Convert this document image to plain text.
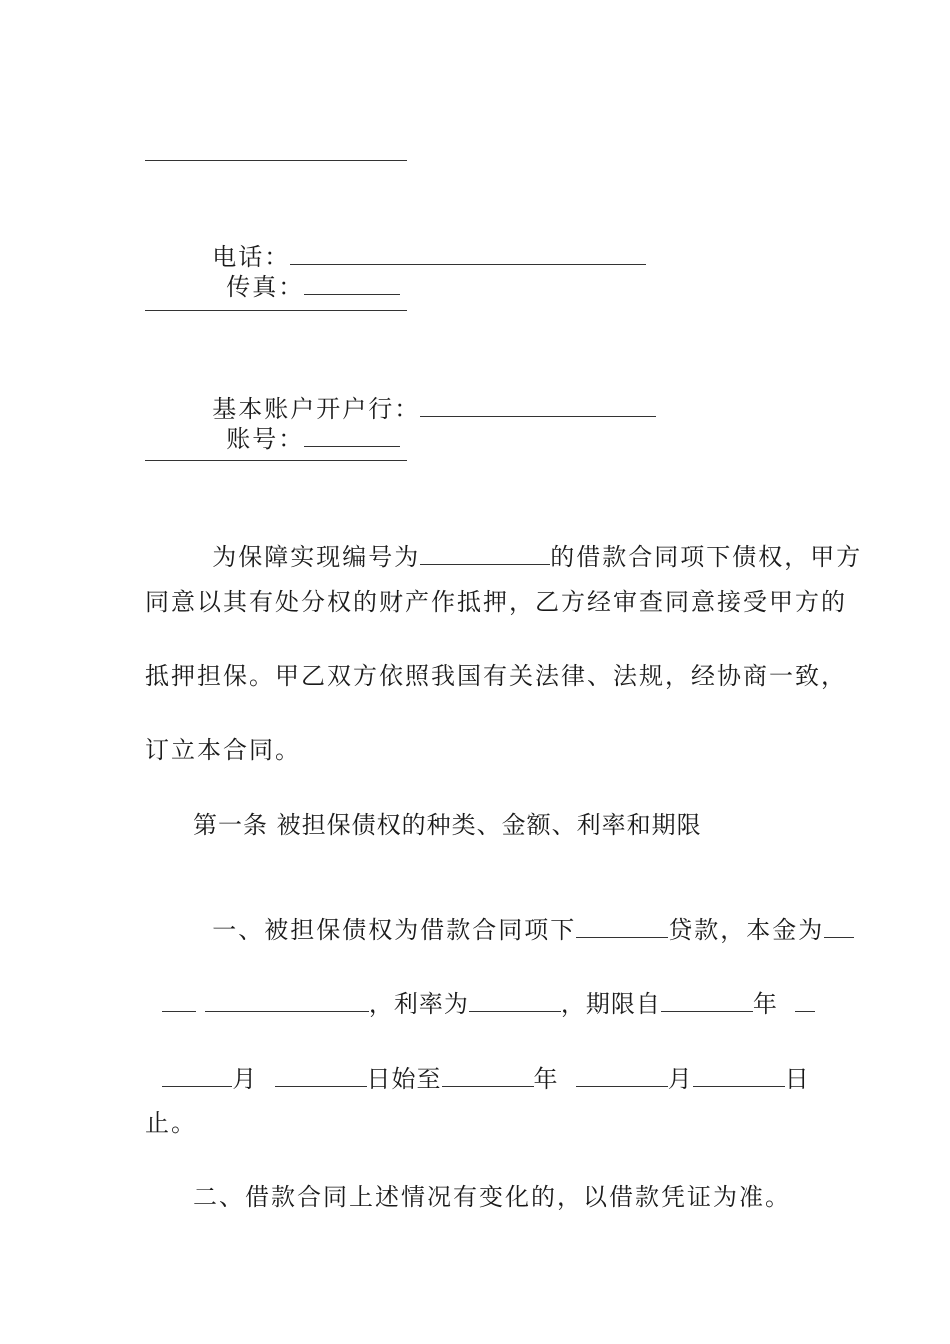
电话：
传真：

基本账户开户行：
账号：

为保障实现编号为	的借款合同项下债权，甲方

同意以其有处分权的财产作抵押，乙方经审查同意接受甲方的
抵押担保。甲乙双方依照我国有关法律、法规，经协商一致，
订立本合同。
第一条 被担保债权的种类、金额、利率和期限

一、被担保债权为借款合同项下	贷款，本金为

，利率为	，期限自	年

月	日始至	年	月	日

止。
二、借款合同上述情况有变化的，以借款凭证为准。
